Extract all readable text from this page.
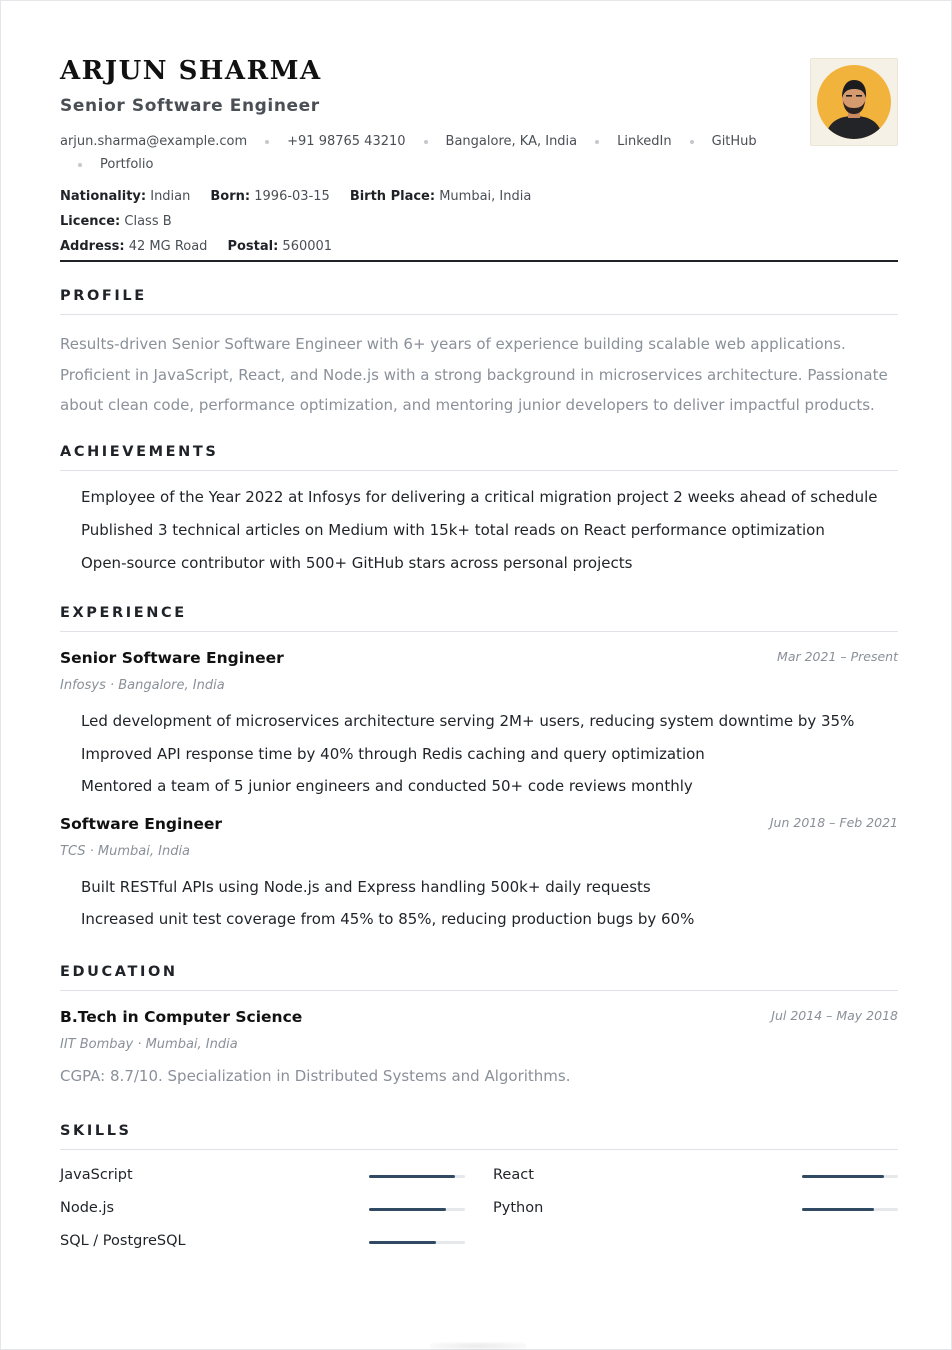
ARJUN SHARMA
Senior Software Engineer
arjun.sharma@example.com	+91 98765 43210	Bangalore, KA, India	LinkedIn	GitHubPortfolio
Nationality: Indian Born: 1996-03-15 Birth Place: Mumbai, IndiaLicence: Class B
Address: 42 MG Road Postal: 560001
PROFILE
Results-driven Senior Software Engineer with 6+ years of experience building scalable web applications. Proficient in JavaScript, React, and Node.js with a strong background in microservices architecture. Passionate about clean code, performance optimization, and mentoring junior developers to deliver impactful products.
ACHIEVEMENTS
Employee of the Year 2022 at Infosys for delivering a critical migration project 2 weeks ahead of schedule
Published 3 technical articles on Medium with 15k+ total reads on React performance optimization
Open-source contributor with 500+ GitHub stars across personal projects
EXPERIENCE
Senior Software Engineer	Mar 2021 – Present
Infosys · Bangalore, India
Led development of microservices architecture serving 2M+ users, reducing system downtime by 35%
Improved API response time by 40% through Redis caching and query optimization
Mentored a team of 5 junior engineers and conducted 50+ code reviews monthly
Software Engineer	Jun 2018 – Feb 2021
TCS · Mumbai, India
Built RESTful APIs using Node.js and Express handling 500k+ daily requests
Increased unit test coverage from 45% to 85%, reducing production bugs by 60%
EDUCATION
B.Tech in Computer Science	Jul 2014 – May 2018
IIT Bombay · Mumbai, India
CGPA: 8.7/10. Specialization in Distributed Systems and Algorithms.
SKILLS
JavaScript	React
Node.js	Python
SQL / PostgreSQL
